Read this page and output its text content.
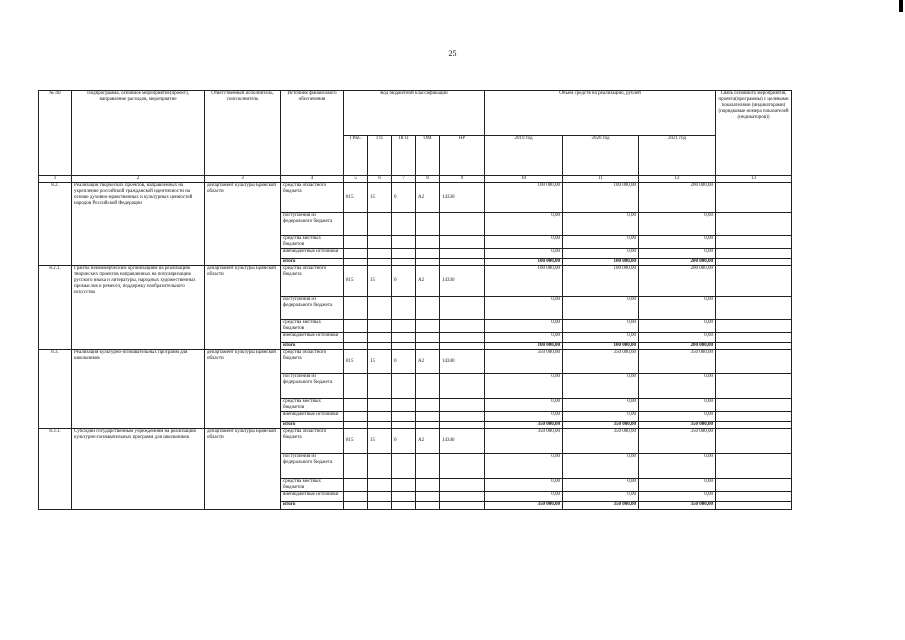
25
№ пп	Подпрограмма, основное мероприятие(проект), направление расходов, мероприятие	Ответственный исполнитель, соисполнитель	Источник финансового обеспечения	Код бюджетной классификации					Объём средств на реализацию, рублей			Связь основного мероприятия, проекта(программы) с целевыми показателями (индикаторами) (порядковые номера показателей (индикаторов))
				ГРБС	ГП	ПГП	ОМ	НР	2019 год	2020 год	2021 год	
1	2	3	4	5	6	7	8	9	10	11	12	13
8.2.	Реализация творческих проектов, направленных на укрепление российской гражданской идентичности на основе духовно-нравственных и культурных ценностей народов Российской Федерации	департамент культуры Брянской области	средства областного бюджета	815	15	0	А2	14330	100 000,00	100 000,00	200 000,00	
			поступления из федерального бюджета						0,00	0,00	0,00	
			средства местных бюджетов						0,00	0,00	0,00	
			внебюджетные источники						0,00	0,00	0,00	
			итого						100 000,00	100 000,00	200 000,00	
8.2.1.	Гранты некоммерческим организациям на реализацию творческих проектов направленных на популяризацию русского языка и литературы, народных художественных промыслов и ремесел, поддержку изобразительного искусства	департамент культуры Брянской области	средства областного бюджета	815	15	0	А2	14330	100 000,00	100 000,00	200 000,00	
			поступления из федерального бюджета						0,00	0,00	0,00	
			средства местных бюджетов						0,00	0,00	0,00	
			внебюджетные источники						0,00	0,00	0,00	
			итого						100 000,00	100 000,00	200 000,00	
8.3.	Реализация культурно-познавательных программ для школьников	департамент культуры Брянской области	средства областного бюджета	815	15	0	А2	14340	350 000,00	350 000,00	350 000,00	
			поступления из федерального бюджета						0,00	0,00	0,00	
			средства местных бюджетов						0,00	0,00	0,00	
			внебюджетные источники						0,00	0,00	0,00	
			итого						350 000,00	350 000,00	350 000,00	
8.3.1.	Субсидии государственным учреждениям на реализацию культурно-познавательных программ для школьников	департамент культуры Брянской области	средства областного бюджета	815	15	0	А2	14340	350 000,00	350 000,00	350 000,00	
			поступления из федерального бюджета						0,00	0,00	0,00	
			средства местных бюджетов						0,00	0,00	0,00	
			внебюджетные источники						0,00	0,00	0,00	
			итого						350 000,00	350 000,00	350 000,00	
